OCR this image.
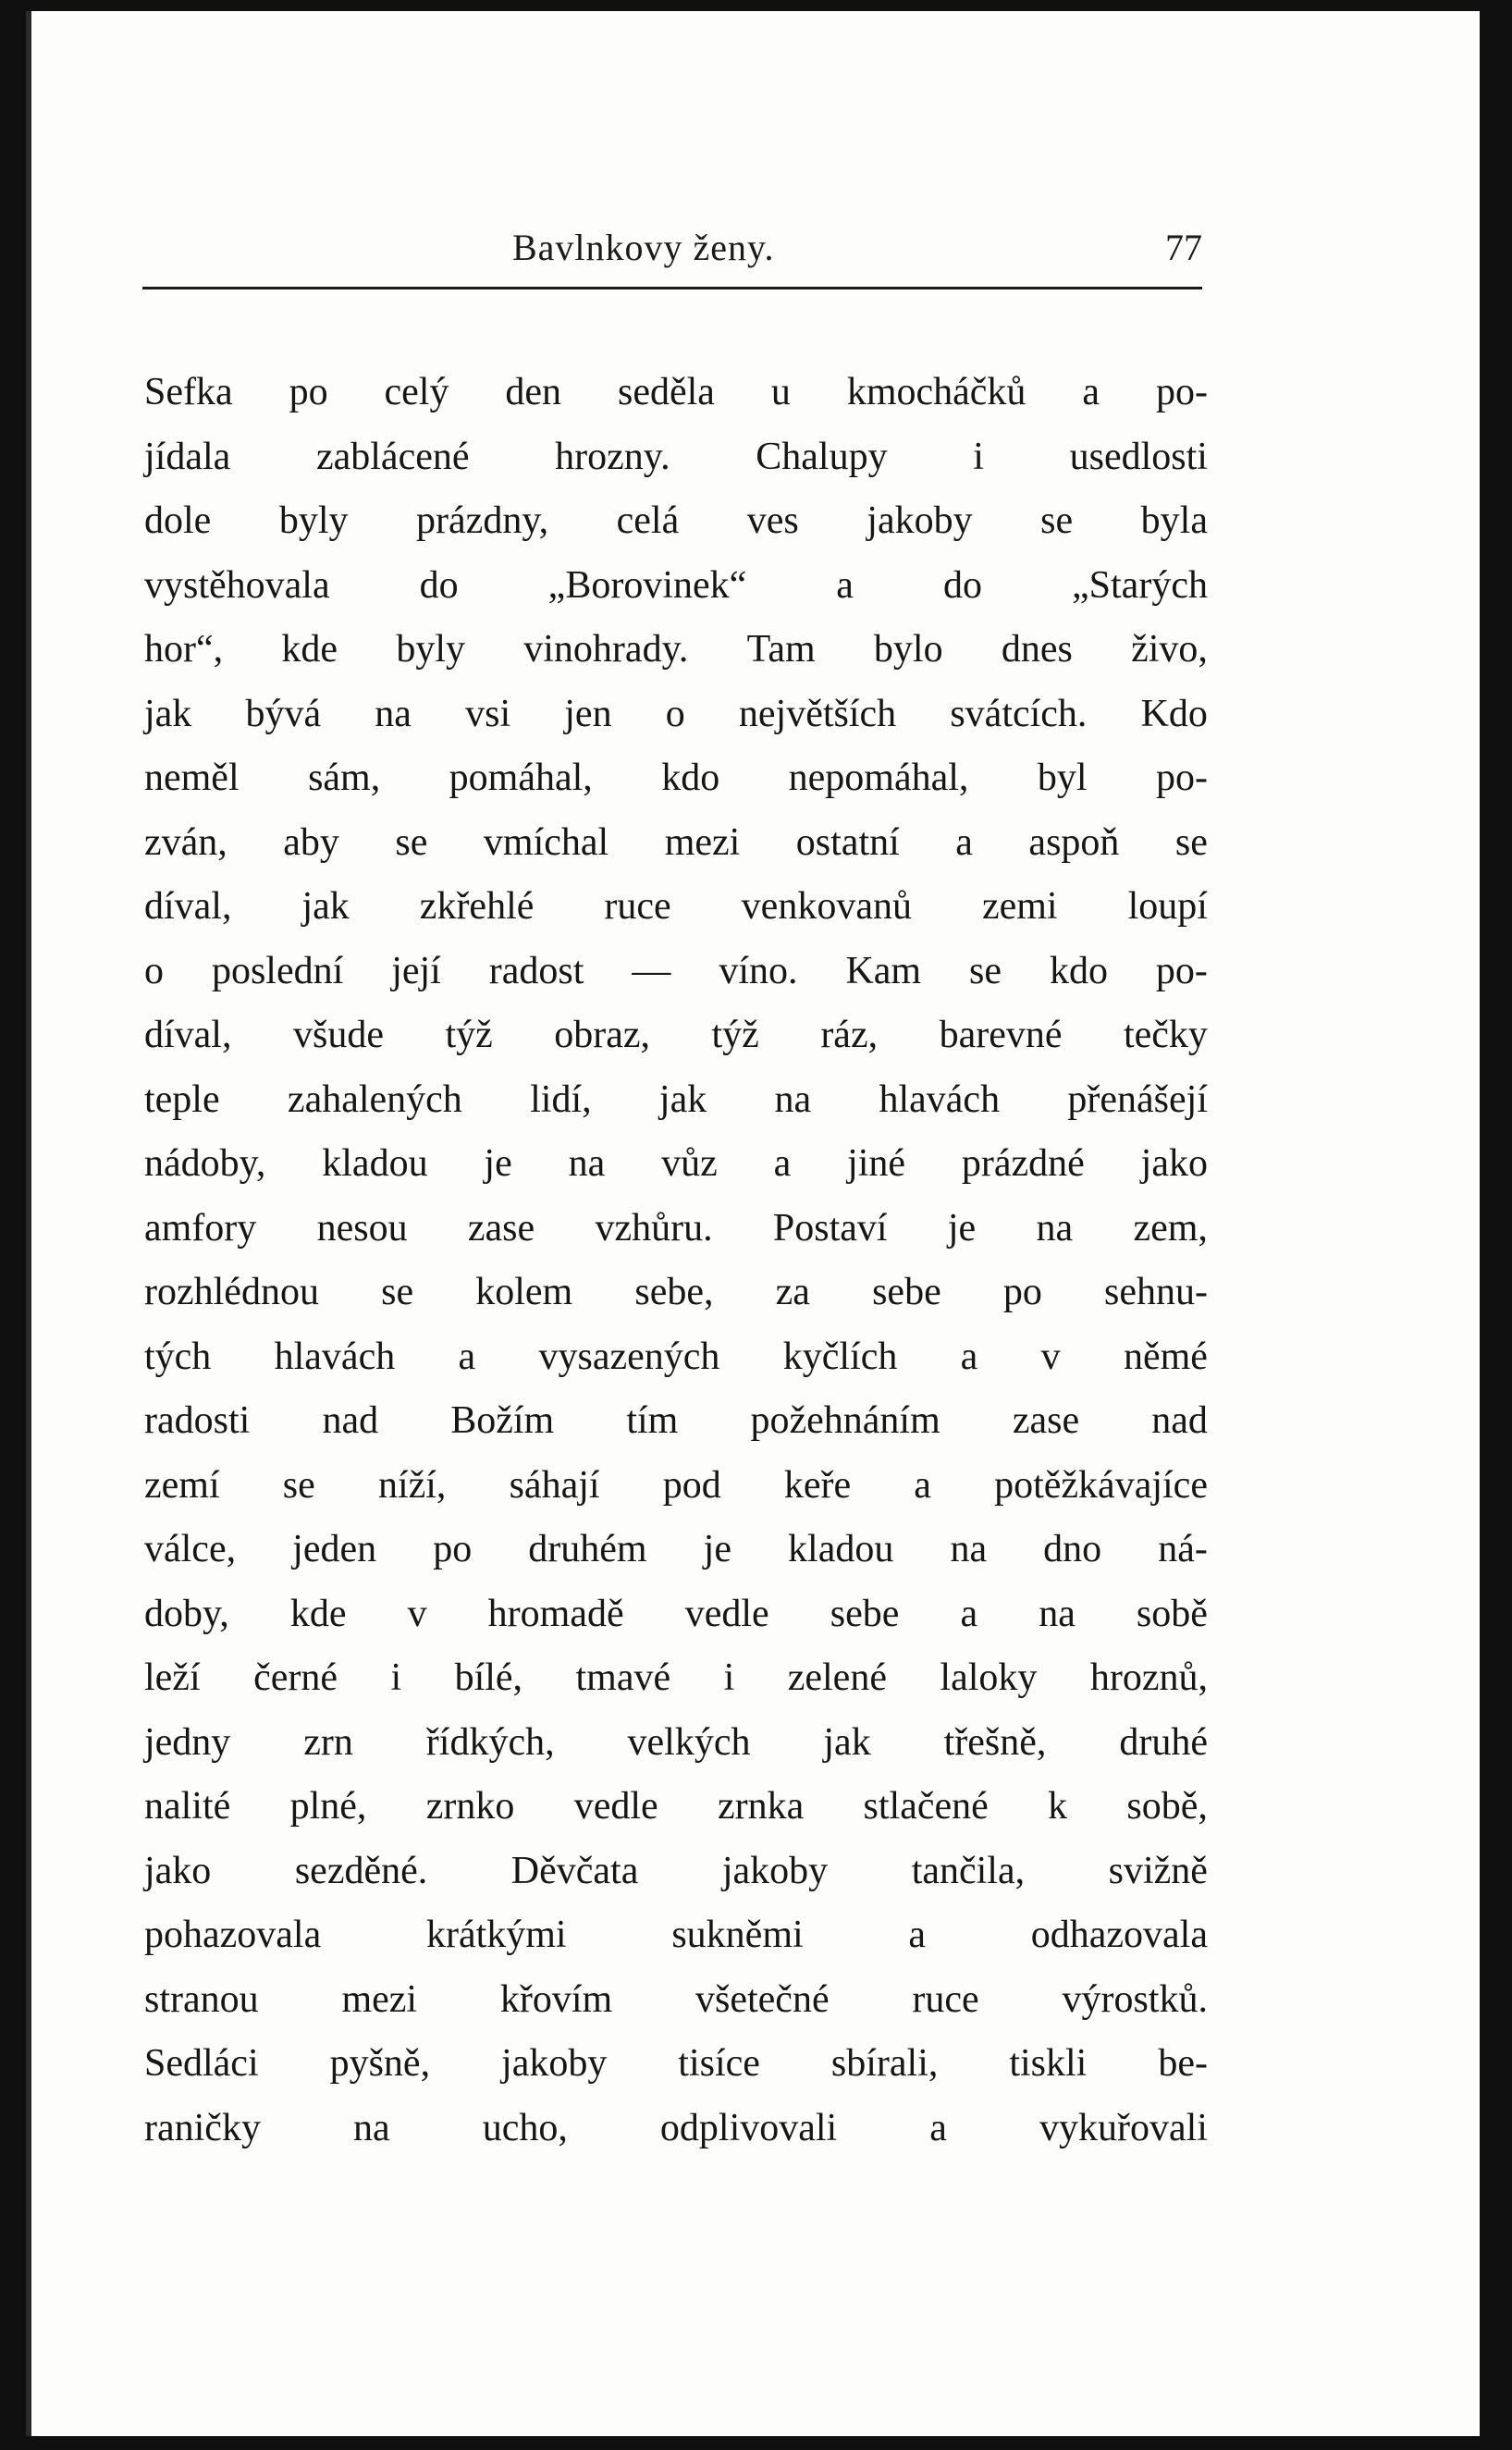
Bavlnkovy ženy.	77
Sefka po celý den seděla u kmocháčků a po-
jídala zablácené hrozny. Chalupy i usedlosti
dole byly prázdny, celá ves jakoby se byla
vystěhovala do „Borovinek“ a do „Starých
hor“, kde byly vinohrady. Tam bylo dnes živo,
jak bývá na vsi jen o největších svátcích. Kdo
neměl sám, pomáhal, kdo nepomáhal, byl po-
zván, aby se vmíchal mezi ostatní a aspoň se
díval, jak zkřehlé ruce venkovanů zemi loupí
o poslední její radost — víno. Kam se kdo po-
díval, všude týž obraz, týž ráz, barevné tečky
teple zahalených lidí, jak na hlavách přenášejí
nádoby, kladou je na vůz a jiné prázdné jako
amfory nesou zase vzhůru. Postaví je na zem,
rozhlédnou se kolem sebe, za sebe po sehnu-
tých hlavách a vysazených kyčlích a v němé
radosti nad Božím tím požehnáním zase nad
zemí se níží, sáhají pod keře a potěžkávajíce
válce, jeden po druhém je kladou na dno ná-
doby, kde v hromadě vedle sebe a na sobě
leží černé i bílé, tmavé i zelené laloky hroznů,
jedny zrn řídkých, velkých jak třešně, druhé
nalité plné, zrnko vedle zrnka stlačené k sobě,
jako sezděné. Děvčata jakoby tančila, svižně
pohazovala	krátkými	sukněmi	a	odhazovala
stranou mezi křovím všetečné ruce výrostků.
Sedláci pyšně, jakoby tisíce sbírali, tiskli be-
raničky na ucho, odplivovali a vykuřovali
